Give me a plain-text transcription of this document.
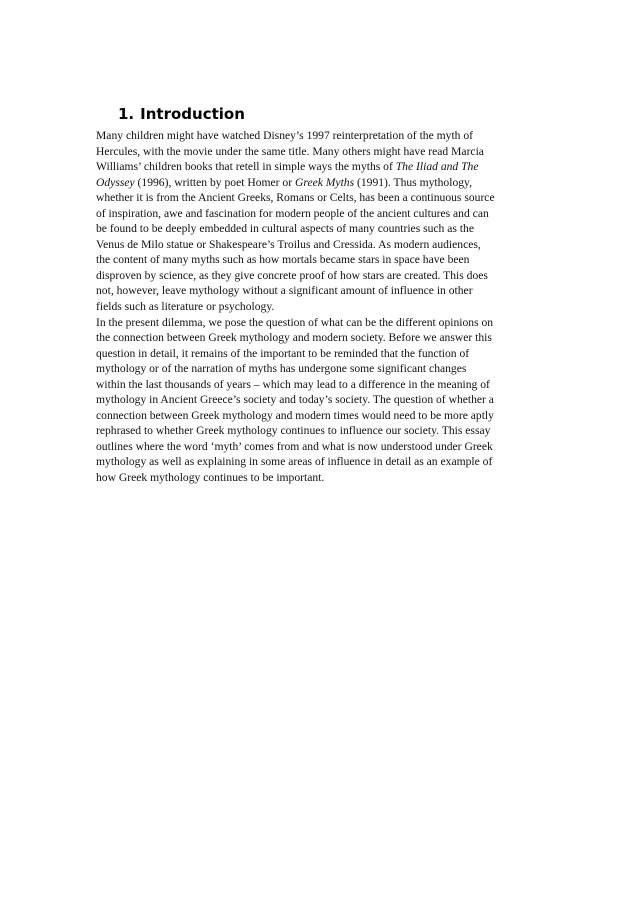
1. Introduction
Many children might have watched Disney’s 1997 reinterpretation of the myth of
Hercules, with the movie under the same title. Many others might have read Marcia
Williams’ children books that retell in simple ways the myths of The Iliad and The
Odyssey (1996), written by poet Homer or Greek Myths (1991). Thus mythology,
whether it is from the Ancient Greeks, Romans or Celts, has been a continuous source
of inspiration, awe and fascination for modern people of the ancient cultures and can
be found to be deeply embedded in cultural aspects of many countries such as the
Venus de Milo statue or Shakespeare’s Troilus and Cressida. As modern audiences,
the content of many myths such as how mortals became stars in space have been
disproven by science, as they give concrete proof of how stars are created. This does
not, however, leave mythology without a significant amount of influence in other
fields such as literature or psychology.
In the present dilemma, we pose the question of what can be the different opinions on
the connection between Greek mythology and modern society. Before we answer this
question in detail, it remains of the important to be reminded that the function of
mythology or of the narration of myths has undergone some significant changes
within the last thousands of years – which may lead to a difference in the meaning of
mythology in Ancient Greece’s society and today’s society. The question of whether a
connection between Greek mythology and modern times would need to be more aptly
rephrased to whether Greek mythology continues to influence our society. This essay
outlines where the word ‘myth’ comes from and what is now understood under Greek
mythology as well as explaining in some areas of influence in detail as an example of
how Greek mythology continues to be important.
